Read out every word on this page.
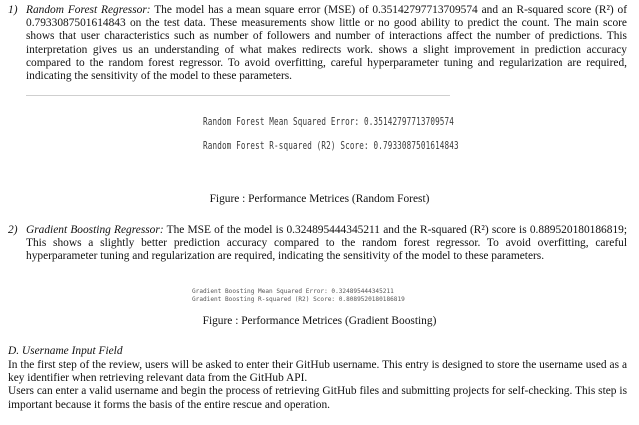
1) Random Forest Regressor: The model has a mean square error (MSE) of 0.35142797713709574 and an R-squared score (R²) of 0.7933087501614843 on the test data. These measurements show little or no good ability to predict the count. The main score shows that user characteristics such as number of followers and number of interactions affect the number of predictions. This interpretation gives us an understanding of what makes redirects work. shows a slight improvement in prediction accuracy compared to the random forest regressor. To avoid overfitting, careful hyperparameter tuning and regularization are required, indicating the sensitivity of the model to these parameters.
Random Forest Mean Squared Error: 0.35142797713709574
Random Forest R-squared (R2) Score: 0.7933087501614843
Figure : Performance Metrices (Random Forest)
2) Gradient Boosting Regressor: The MSE of the model is 0.324895444345211 and the R-squared (R²) score is 0.889520180186819; This shows a slightly better prediction accuracy compared to the random forest regressor. To avoid overfitting, careful hyperparameter tuning and regularization are required, indicating the sensitivity of the model to these parameters.
Gradient Boosting Mean Squared Error: 0.324895444345211
Gradient Boosting R-squared (R2) Score: 0.8089520180186819
Figure : Performance Metrices (Gradient Boosting)
D. Username Input Field

In the first step of the review, users will be asked to enter their GitHub username. This entry is designed to store the username used as a key identifier when retrieving relevant data from the GitHub API.

Users can enter a valid username and begin the process of retrieving GitHub files and submitting projects for self-checking. This step is important because it forms the basis of the entire rescue and operation.
